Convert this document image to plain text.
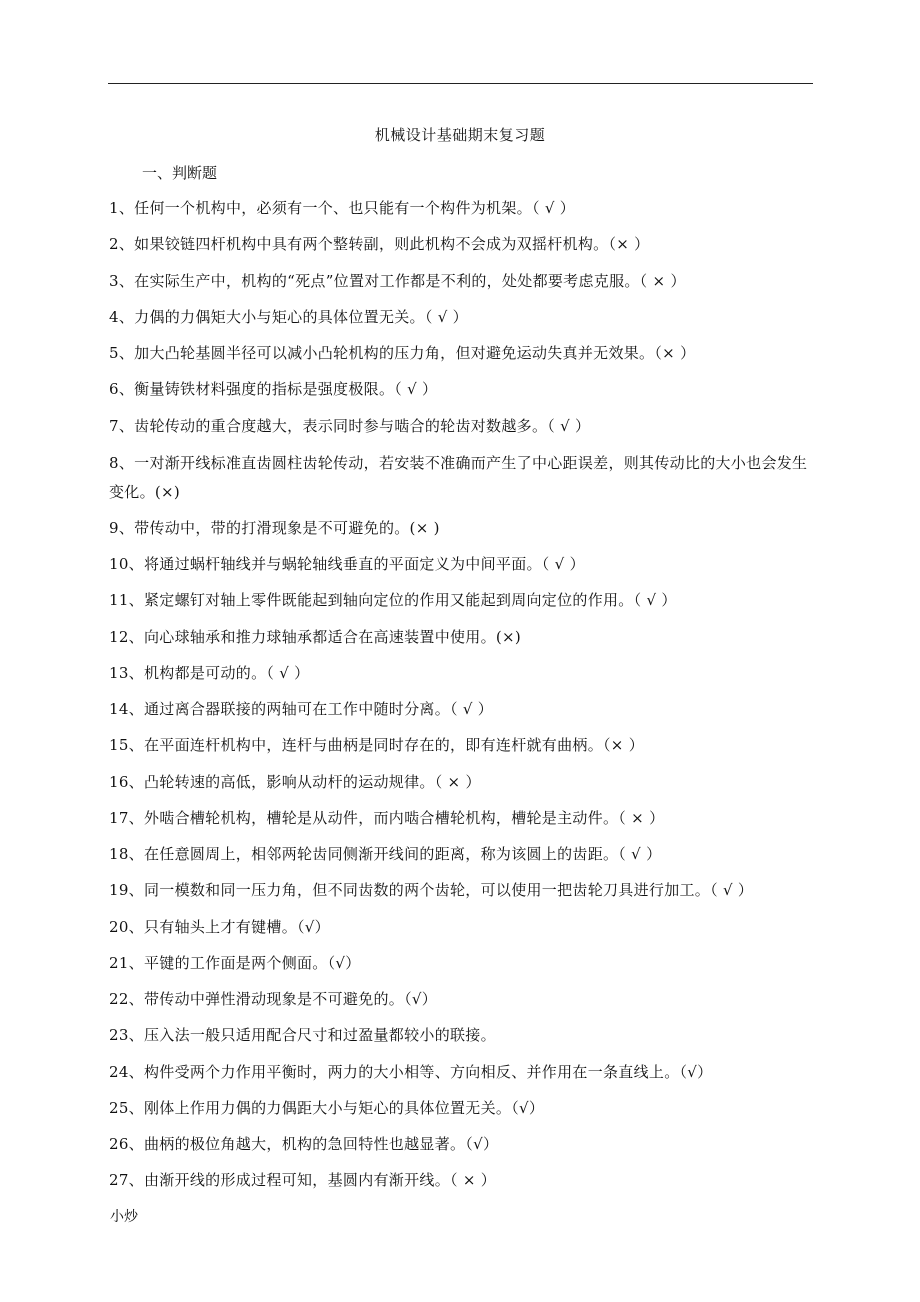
机械设计基础期末复习题
一、判断题
1、任何一个机构中，必须有一个、也只能有一个构件为机架。（ √ ）
2、如果铰链四杆机构中具有两个整转副，则此机构不会成为双摇杆机构。（× ）
3、在实际生产中，机构的“死点”位置对工作都是不利的，处处都要考虑克服。（ × ）
4、力偶的力偶矩大小与矩心的具体位置无关。（ √ ）
5、加大凸轮基圆半径可以减小凸轮机构的压力角，但对避免运动失真并无效果。（× ）
6、衡量铸铁材料强度的指标是强度极限。（ √ ）
7、齿轮传动的重合度越大，表示同时参与啮合的轮齿对数越多。（ √ ）
8、一对渐开线标准直齿圆柱齿轮传动，若安装不准确而产生了中心距误差，则其传动比的大小也会发生变化。(×)
9、带传动中，带的打滑现象是不可避免的。(× )
10、将通过蜗杆轴线并与蜗轮轴线垂直的平面定义为中间平面。（ √ ）
11、紧定螺钉对轴上零件既能起到轴向定位的作用又能起到周向定位的作用。（ √ ）
12、向心球轴承和推力球轴承都适合在高速装置中使用。(×)
13、机构都是可动的。（ √ ）
14、通过离合器联接的两轴可在工作中随时分离。（ √ ）
15、在平面连杆机构中，连杆与曲柄是同时存在的，即有连杆就有曲柄。（× ）
16、凸轮转速的高低，影响从动杆的运动规律。（ × ）
17、外啮合槽轮机构，槽轮是从动件，而内啮合槽轮机构，槽轮是主动件。（ × ）
18、在任意圆周上，相邻两轮齿同侧渐开线间的距离，称为该圆上的齿距。（ √ ）
19、同一模数和同一压力角，但不同齿数的两个齿轮，可以使用一把齿轮刀具进行加工。（ √ ）
20、只有轴头上才有键槽。（√）
21、平键的工作面是两个侧面。（√）
22、带传动中弹性滑动现象是不可避免的。（√）
23、压入法一般只适用配合尺寸和过盈量都较小的联接。
24、构件受两个力作用平衡时，两力的大小相等、方向相反、并作用在一条直线上。（√）
25、刚体上作用力偶的力偶距大小与矩心的具体位置无关。（√）
26、曲柄的极位角越大，机构的急回特性也越显著。（√）
27、由渐开线的形成过程可知，基圆内有渐开线。（ × ）
小炒
